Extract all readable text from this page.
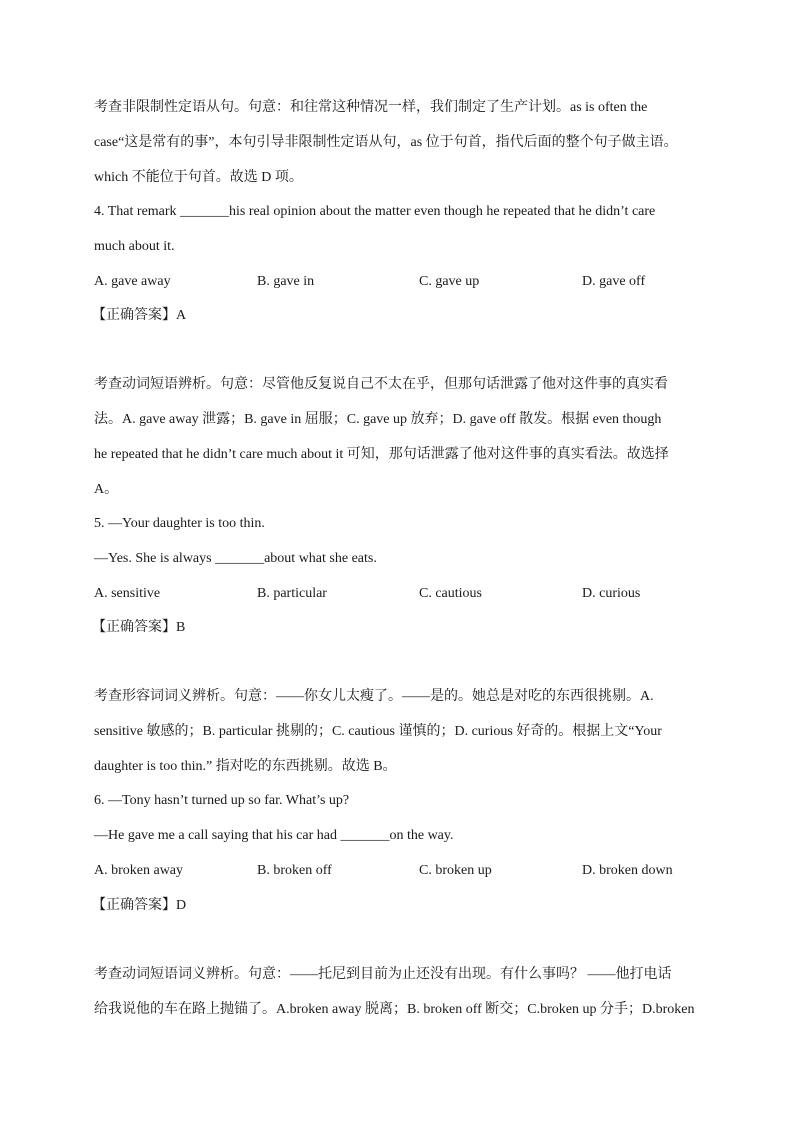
考查非限制性定语从句。句意：和往常这种情况一样，我们制定了生产计划。as is often the
case“这是常有的事”，本句引导非限制性定语从句，as 位于句首，指代后面的整个句子做主语。
which 不能位于句首。故选 D 项。
4. That remark _______his real opinion about the matter even though he repeated that he didn’t care
much about it.
A. gave away	B. gave in	C. gave up	D. gave off
【正确答案】A
考查动词短语辨析。句意：尽管他反复说自己不太在乎，但那句话泄露了他对这件事的真实看
法。A. gave away 泄露；B. gave in 屈服；C. gave up 放弃；D. gave off 散发。根据 even though
he repeated that he didn’t care much about it 可知，那句话泄露了他对这件事的真实看法。故选择
A。
5. —Your daughter is too thin.
—Yes. She is always _______about what she eats.
A. sensitive	B. particular	C. cautious	D. curious
【正确答案】B
考查形容词词义辨析。句意：——你女儿太瘦了。——是的。她总是对吃的东西很挑剔。A.
sensitive 敏感的；B. particular 挑剔的；C. cautious 谨慎的；D. curious 好奇的。根据上文“Your
daughter is too thin.” 指对吃的东西挑剔。故选 B。
6. —Tony hasn’t turned up so far. What’s up?
—He gave me a call saying that his car had _______on the way.
A. broken away	B. broken off	C. broken up	D. broken down
【正确答案】D
考查动词短语词义辨析。句意：——托尼到目前为止还没有出现。有什么事吗？ ——他打电话
给我说他的车在路上抛锚了。A.broken away 脱离；B. broken off 断交；C.broken up 分手；D.broken
